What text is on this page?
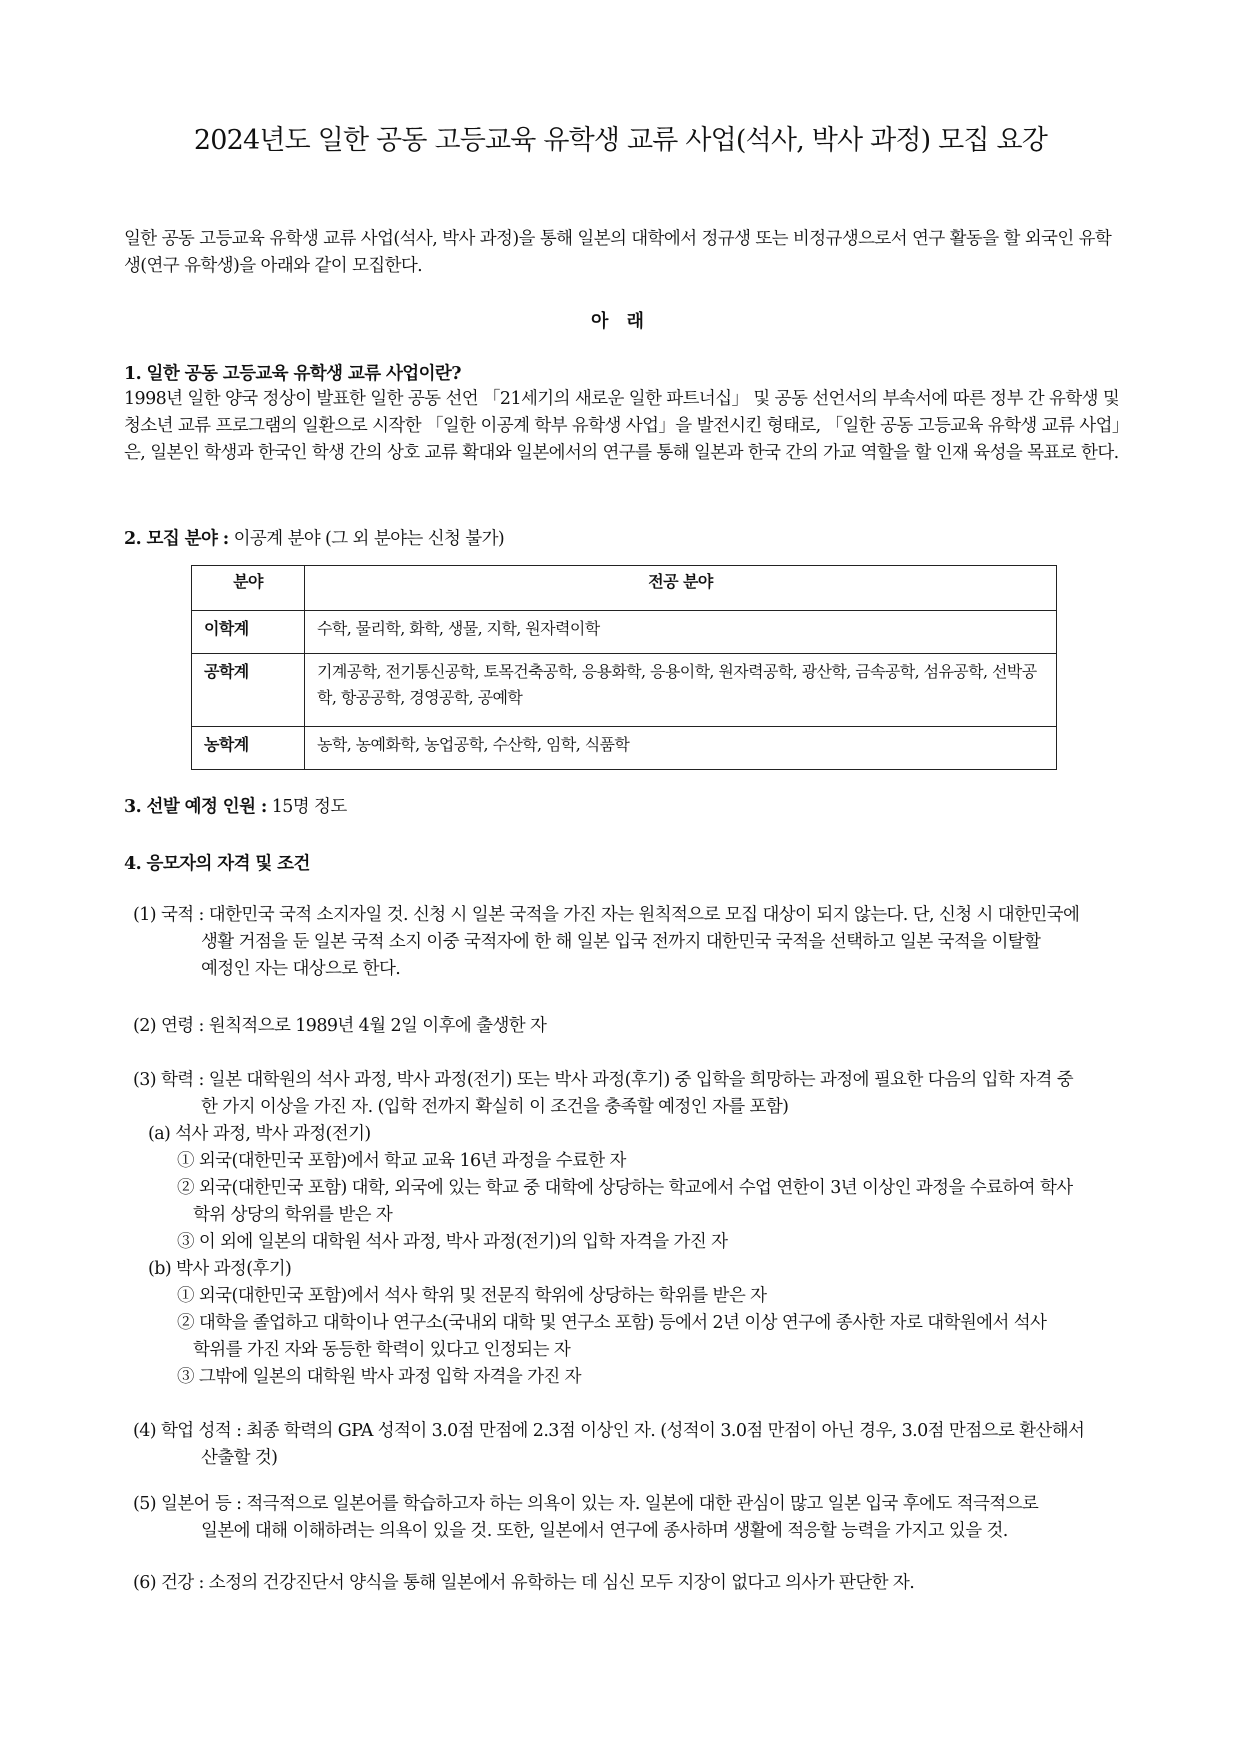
2024년도 일한 공동 고등교육 유학생 교류 사업(석사, 박사 과정) 모집 요강

일한 공동 고등교육 유학생 교류 사업(석사, 박사 과정)을 통해 일본의 대학에서 정규생 또는 비정규생으로서 연구 활동을 할 외국인 유학생(연구 유학생)을 아래와 같이 모집한다.

아 래

1. 일한 공동 고등교육 유학생 교류 사업이란?

1998년 일한 양국 정상이 발표한 일한 공동 선언 「21세기의 새로운 일한 파트너십」 및 공동 선언서의 부속서에 따른 정부 간 유학생 및 청소년 교류 프로그램의 일환으로 시작한 「일한 이공계 학부 유학생 사업」을 발전시킨 형태로, 「일한 공동 고등교육 유학생 교류 사업」은, 일본인 학생과 한국인 학생 간의 상호 교류 확대와 일본에서의 연구를 통해 일본과 한국 간의 가교 역할을 할 인재 육성을 목표로 한다.

2. 모집 분야 : 이공계 분야 (그 외 분야는 신청 불가)

분야	전공 분야
이학계	수학, 물리학, 화학, 생물, 지학, 원자력이학
공학계	기계공학, 전기통신공학, 토목건축공학, 응용화학, 응용이학, 원자력공학, 광산학, 금속공학, 섬유공학, 선박공학, 항공공학, 경영공학, 공예학
농학계	농학, 농예화학, 농업공학, 수산학, 임학, 식품학

3. 선발 예정 인원 : 15명 정도

4. 응모자의 자격 및 조건

(1) 국적 : 대한민국 국적 소지자일 것. 신청 시 일본 국적을 가진 자는 원칙적으로 모집 대상이 되지 않는다. 단, 신청 시 대한민국에
생활 거점을 둔 일본 국적 소지 이중 국적자에 한 해 일본 입국 전까지 대한민국 국적을 선택하고 일본 국적을 이탈할
예정인 자는 대상으로 한다.

(2) 연령 : 원칙적으로 1989년 4월 2일 이후에 출생한 자

(3) 학력 : 일본 대학원의 석사 과정, 박사 과정(전기) 또는 박사 과정(후기) 중 입학을 희망하는 과정에 필요한 다음의 입학 자격 중
한 가지 이상을 가진 자. (입학 전까지 확실히 이 조건을 충족할 예정인 자를 포함)

(a) 석사 과정, 박사 과정(전기)

① 외국(대한민국 포함)에서 학교 교육 16년 과정을 수료한 자

② 외국(대한민국 포함) 대학, 외국에 있는 학교 중 대학에 상당하는 학교에서 수업 연한이 3년 이상인 과정을 수료하여 학사
학위 상당의 학위를 받은 자

③ 이 외에 일본의 대학원 석사 과정, 박사 과정(전기)의 입학 자격을 가진 자

(b) 박사 과정(후기)

① 외국(대한민국 포함)에서 석사 학위 및 전문직 학위에 상당하는 학위를 받은 자

② 대학을 졸업하고 대학이나 연구소(국내외 대학 및 연구소 포함) 등에서 2년 이상 연구에 종사한 자로 대학원에서 석사
학위를 가진 자와 동등한 학력이 있다고 인정되는 자

③ 그밖에 일본의 대학원 박사 과정 입학 자격을 가진 자

(4) 학업 성적 : 최종 학력의 GPA 성적이 3.0점 만점에 2.3점 이상인 자. (성적이 3.0점 만점이 아닌 경우, 3.0점 만점으로 환산해서
산출할 것)

(5) 일본어 등 : 적극적으로 일본어를 학습하고자 하는 의욕이 있는 자. 일본에 대한 관심이 많고 일본 입국 후에도 적극적으로
일본에 대해 이해하려는 의욕이 있을 것. 또한, 일본에서 연구에 종사하며 생활에 적응할 능력을 가지고 있을 것.

(6) 건강 : 소정의 건강진단서 양식을 통해 일본에서 유학하는 데 심신 모두 지장이 없다고 의사가 판단한 자.
